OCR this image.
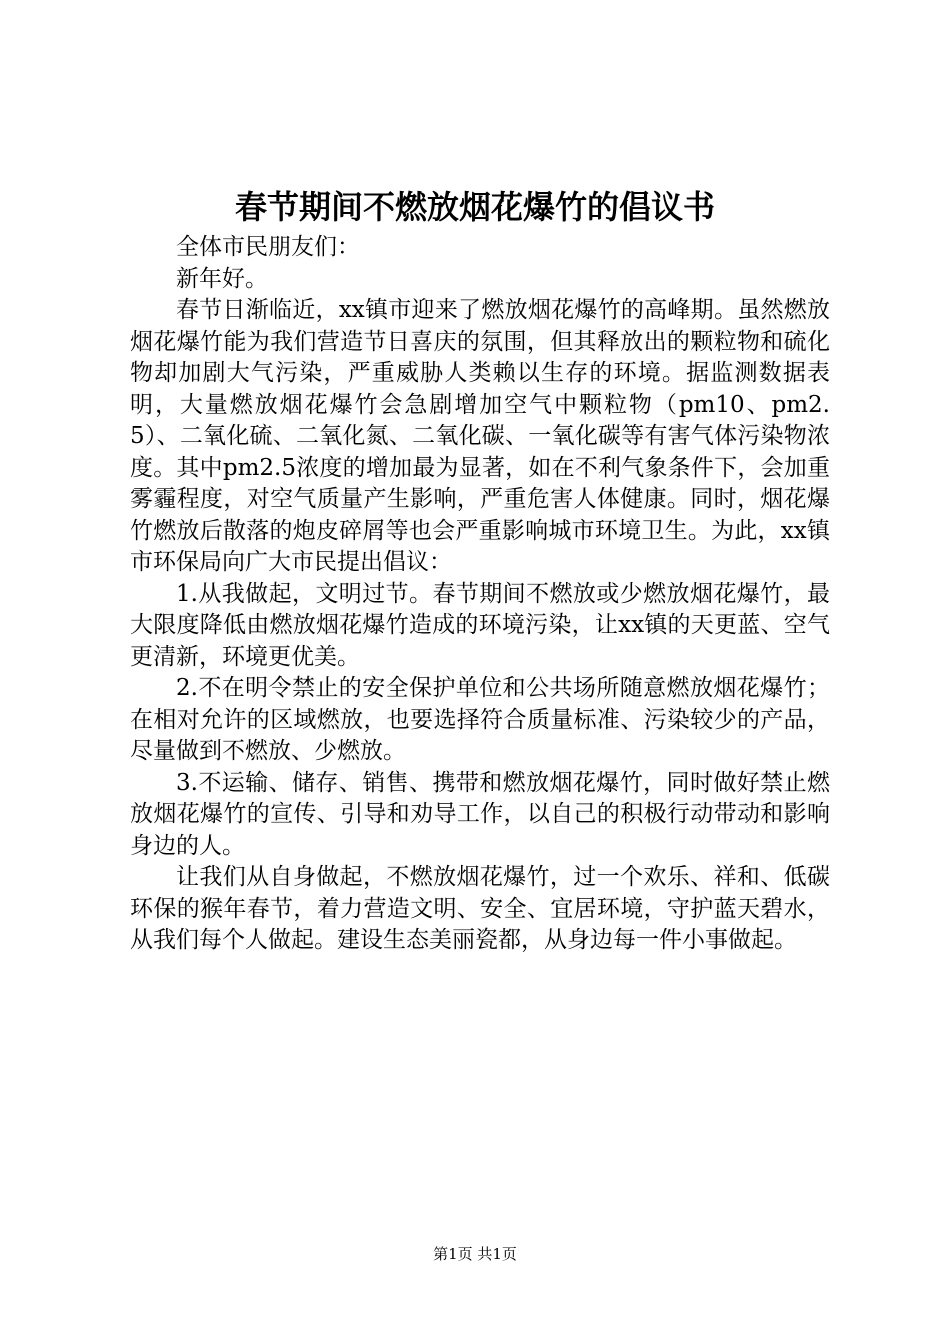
春节期间不燃放烟花爆竹的倡议书

全体市民朋友们：

新年好。

春节日渐临近，xx镇市迎来了燃放烟花爆竹的高峰期。虽然燃放烟花爆竹能为我们营造节日喜庆的氛围，但其释放出的颗粒物和硫化物却加剧大气污染，严重威胁人类赖以生存的环境。据监测数据表明，大量燃放烟花爆竹会急剧增加空气中颗粒物（pm10、pm2.5）、二氧化硫、二氧化氮、二氧化碳、一氧化碳等有害气体污染物浓度。其中pm2.5浓度的增加最为显著，如在不利气象条件下，会加重雾霾程度，对空气质量产生影响，严重危害人体健康。同时，烟花爆竹燃放后散落的炮皮碎屑等也会严重影响城市环境卫生。为此，xx镇市环保局向广大市民提出倡议：

1.从我做起，文明过节。春节期间不燃放或少燃放烟花爆竹，最大限度降低由燃放烟花爆竹造成的环境污染，让xx镇的天更蓝、空气更清新，环境更优美。

2.不在明令禁止的安全保护单位和公共场所随意燃放烟花爆竹；在相对允许的区域燃放，也要选择符合质量标准、污染较少的产品，尽量做到不燃放、少燃放。

3.不运输、储存、销售、携带和燃放烟花爆竹，同时做好禁止燃放烟花爆竹的宣传、引导和劝导工作，以自己的积极行动带动和影响身边的人。

让我们从自身做起，不燃放烟花爆竹，过一个欢乐、祥和、低碳环保的猴年春节，着力营造文明、安全、宜居环境，守护蓝天碧水，从我们每个人做起。建设生态美丽瓷都，从身边每一件小事做起。

第1页 共1页
